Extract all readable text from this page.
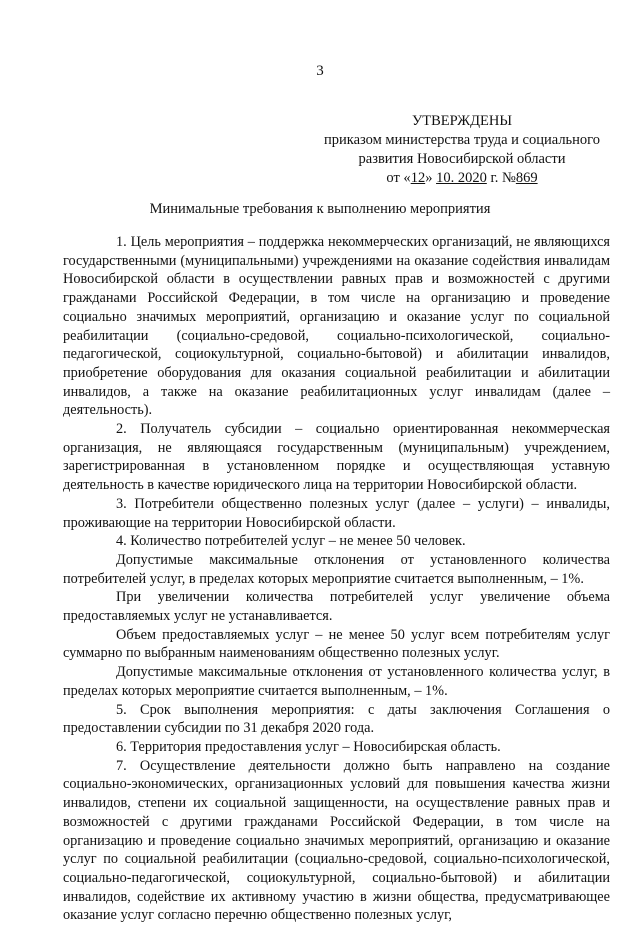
3
УТВЕРЖДЕНЫ
приказом министерства труда и социального
развития Новосибирской области
от «12» 10. 2020 г. №869
Минимальные требования к выполнению мероприятия

1. Цель мероприятия – поддержка некоммерческих организаций, не являющихся государственными (муниципальными) учреждениями на оказание содействия инвалидам Новосибирской области в осуществлении равных прав и возможностей с другими гражданами Российской Федерации, в том числе на организацию и проведение социально значимых мероприятий, организацию и оказание услуг по социальной реабилитации (социально-средовой, социально-психологической, социально-педагогической, социокультурной, социально-бытовой) и абилитации инвалидов, приобретение оборудования для оказания социальной реабилитации и абилитации инвалидов, а также на оказание реабилитационных услуг инвалидам (далее – деятельность).

2. Получатель субсидии – социально ориентированная некоммерческая организация, не являющаяся государственным (муниципальным) учреждением, зарегистрированная в установленном порядке и осуществляющая уставную деятельность в качестве юридического лица на территории Новосибирской области.

3. Потребители общественно полезных услуг (далее – услуги) – инвалиды, проживающие на территории Новосибирской области.

4. Количество потребителей услуг – не менее 50 человек.

Допустимые максимальные отклонения от установленного количества потребителей услуг, в пределах которых мероприятие считается выполненным, – 1%.

При увеличении количества потребителей услуг увеличение объема предоставляемых услуг не устанавливается.

Объем предоставляемых услуг – не менее 50 услуг всем потребителям услуг суммарно по выбранным наименованиям общественно полезных услуг.

Допустимые максимальные отклонения от установленного количества услуг, в пределах которых мероприятие считается выполненным, – 1%.

5. Срок выполнения мероприятия: с даты заключения Соглашения о предоставлении субсидии по 31 декабря 2020 года.

6. Территория предоставления услуг – Новосибирская область.

7. Осуществление деятельности должно быть направлено на создание социально-экономических, организационных условий для повышения качества жизни инвалидов, степени их социальной защищенности, на осуществление равных прав и возможностей с другими гражданами Российской Федерации, в том числе на организацию и проведение социально значимых мероприятий, организацию и оказание услуг по социальной реабилитации (социально-средовой, социально-психологической, социально-педагогической, социокультурной, социально-бытовой) и абилитации инвалидов, содействие их активному участию в жизни общества, предусматривающее оказание услуг согласно перечню общественно полезных услуг,
